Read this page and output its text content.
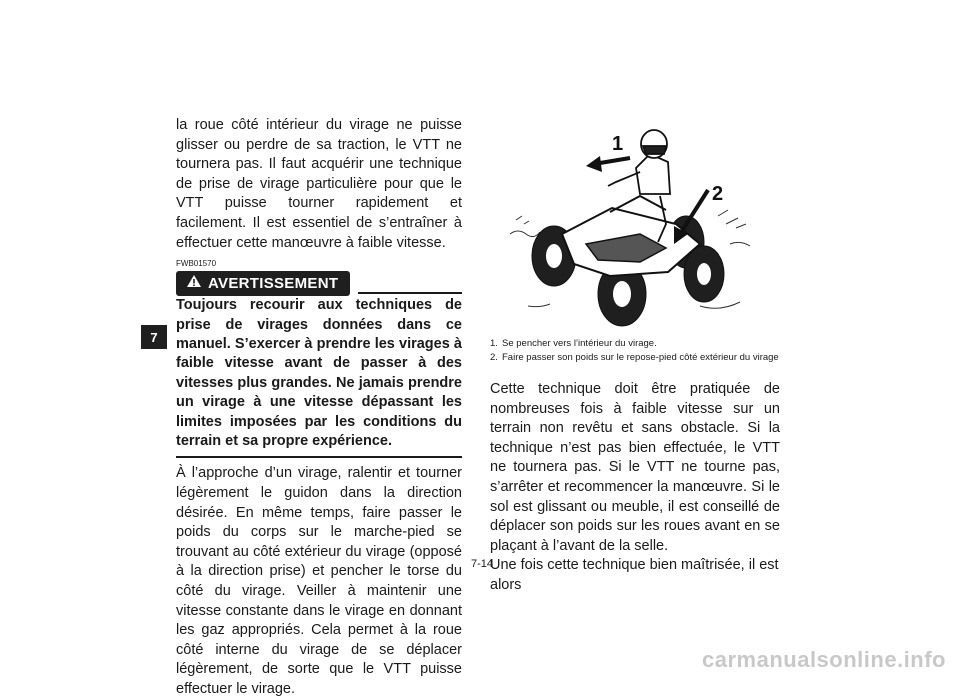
7

la roue côté intérieur du virage ne puisse glisser ou perdre de sa traction, le VTT ne tournera pas. Il faut acquérir une technique de prise de virage particulière pour que le VTT puisse tourner rapidement et facilement. Il est essentiel de s’entraîner à effectuer cette manœuvre à faible vitesse.

FWB01570
AVERTISSEMENT

Toujours recourir aux techniques de prise de virages données dans ce manuel. S’exercer à prendre les virages à faible vitesse avant de passer à des vitesses plus grandes. Ne jamais prendre un virage à une vitesse dépassant les limites imposées par les conditions du terrain et sa propre expérience.

À l’approche d’un virage, ralentir et tourner légèrement le guidon dans la direction désirée. En même temps, faire passer le poids du corps sur le marche-pied se trouvant au côté extérieur du virage (opposé à la direction prise) et pencher le torse du côté du virage. Veiller à maintenir une vitesse constante dans le virage en donnant les gaz appropriés. Cela permet à la roue côté interne du virage de se déplacer légèrement, de sorte que le VTT puisse effectuer le virage.

1
2
1. Se pencher vers l’intérieur du virage.
2. Faire passer son poids sur le repose-pied côté extérieur du virage

Cette technique doit être pratiquée de nombreuses fois à faible vitesse sur un terrain non revêtu et sans obstacle. Si la technique n’est pas bien effectuée, le VTT ne tournera pas. Si le VTT ne tourne pas, s’arrêter et recommencer la manœuvre. Si le sol est glissant ou meuble, il est conseillé de déplacer son poids sur les roues avant en se plaçant à l’avant de la selle.

Une fois cette technique bien maîtrisée, il est alors

7-14
carmanualsonline.info
